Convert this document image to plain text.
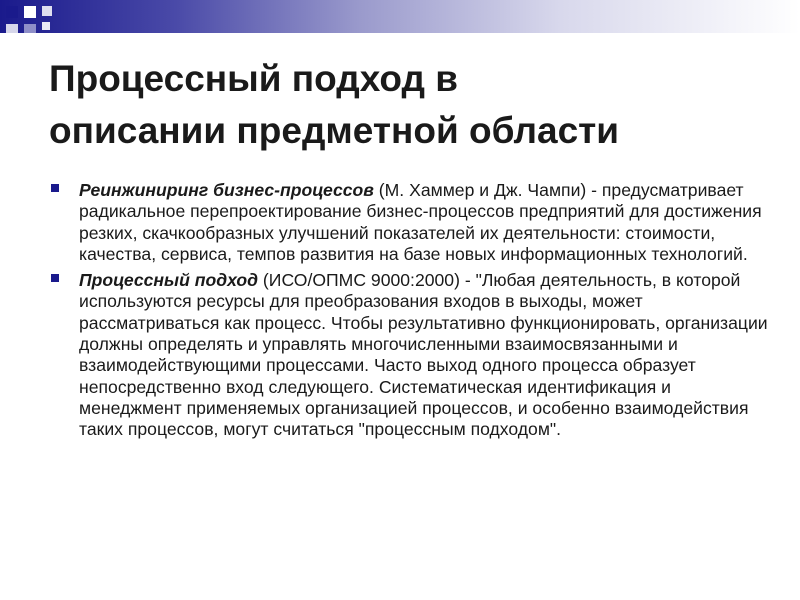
Процессный подход в
описании предметной области
Реинжиниринг бизнес-процессов (М. Хаммер и Дж. Чампи) - предусматривает радикальное перепроектирование бизнес-процессов предприятий для достижения резких, скачкообразных улучшений показателей их деятельности: стоимости, качества, сервиса, темпов развития на базе новых информационных технологий.
Процессный подход (ИСО/ОПМС 9000:2000) - "Любая деятельность, в которой используются ресурсы для преобразования входов в выходы, может рассматриваться как процесс. Чтобы результативно функционировать, организации должны определять и управлять многочисленными взаимосвязанными и взаимодействующими процессами. Часто выход одного процесса образует непосредственно вход следующего. Систематическая идентификация и менеджмент применяемых организацией процессов, и особенно взаимодействия таких процессов, могут считаться "процессным подходом".
